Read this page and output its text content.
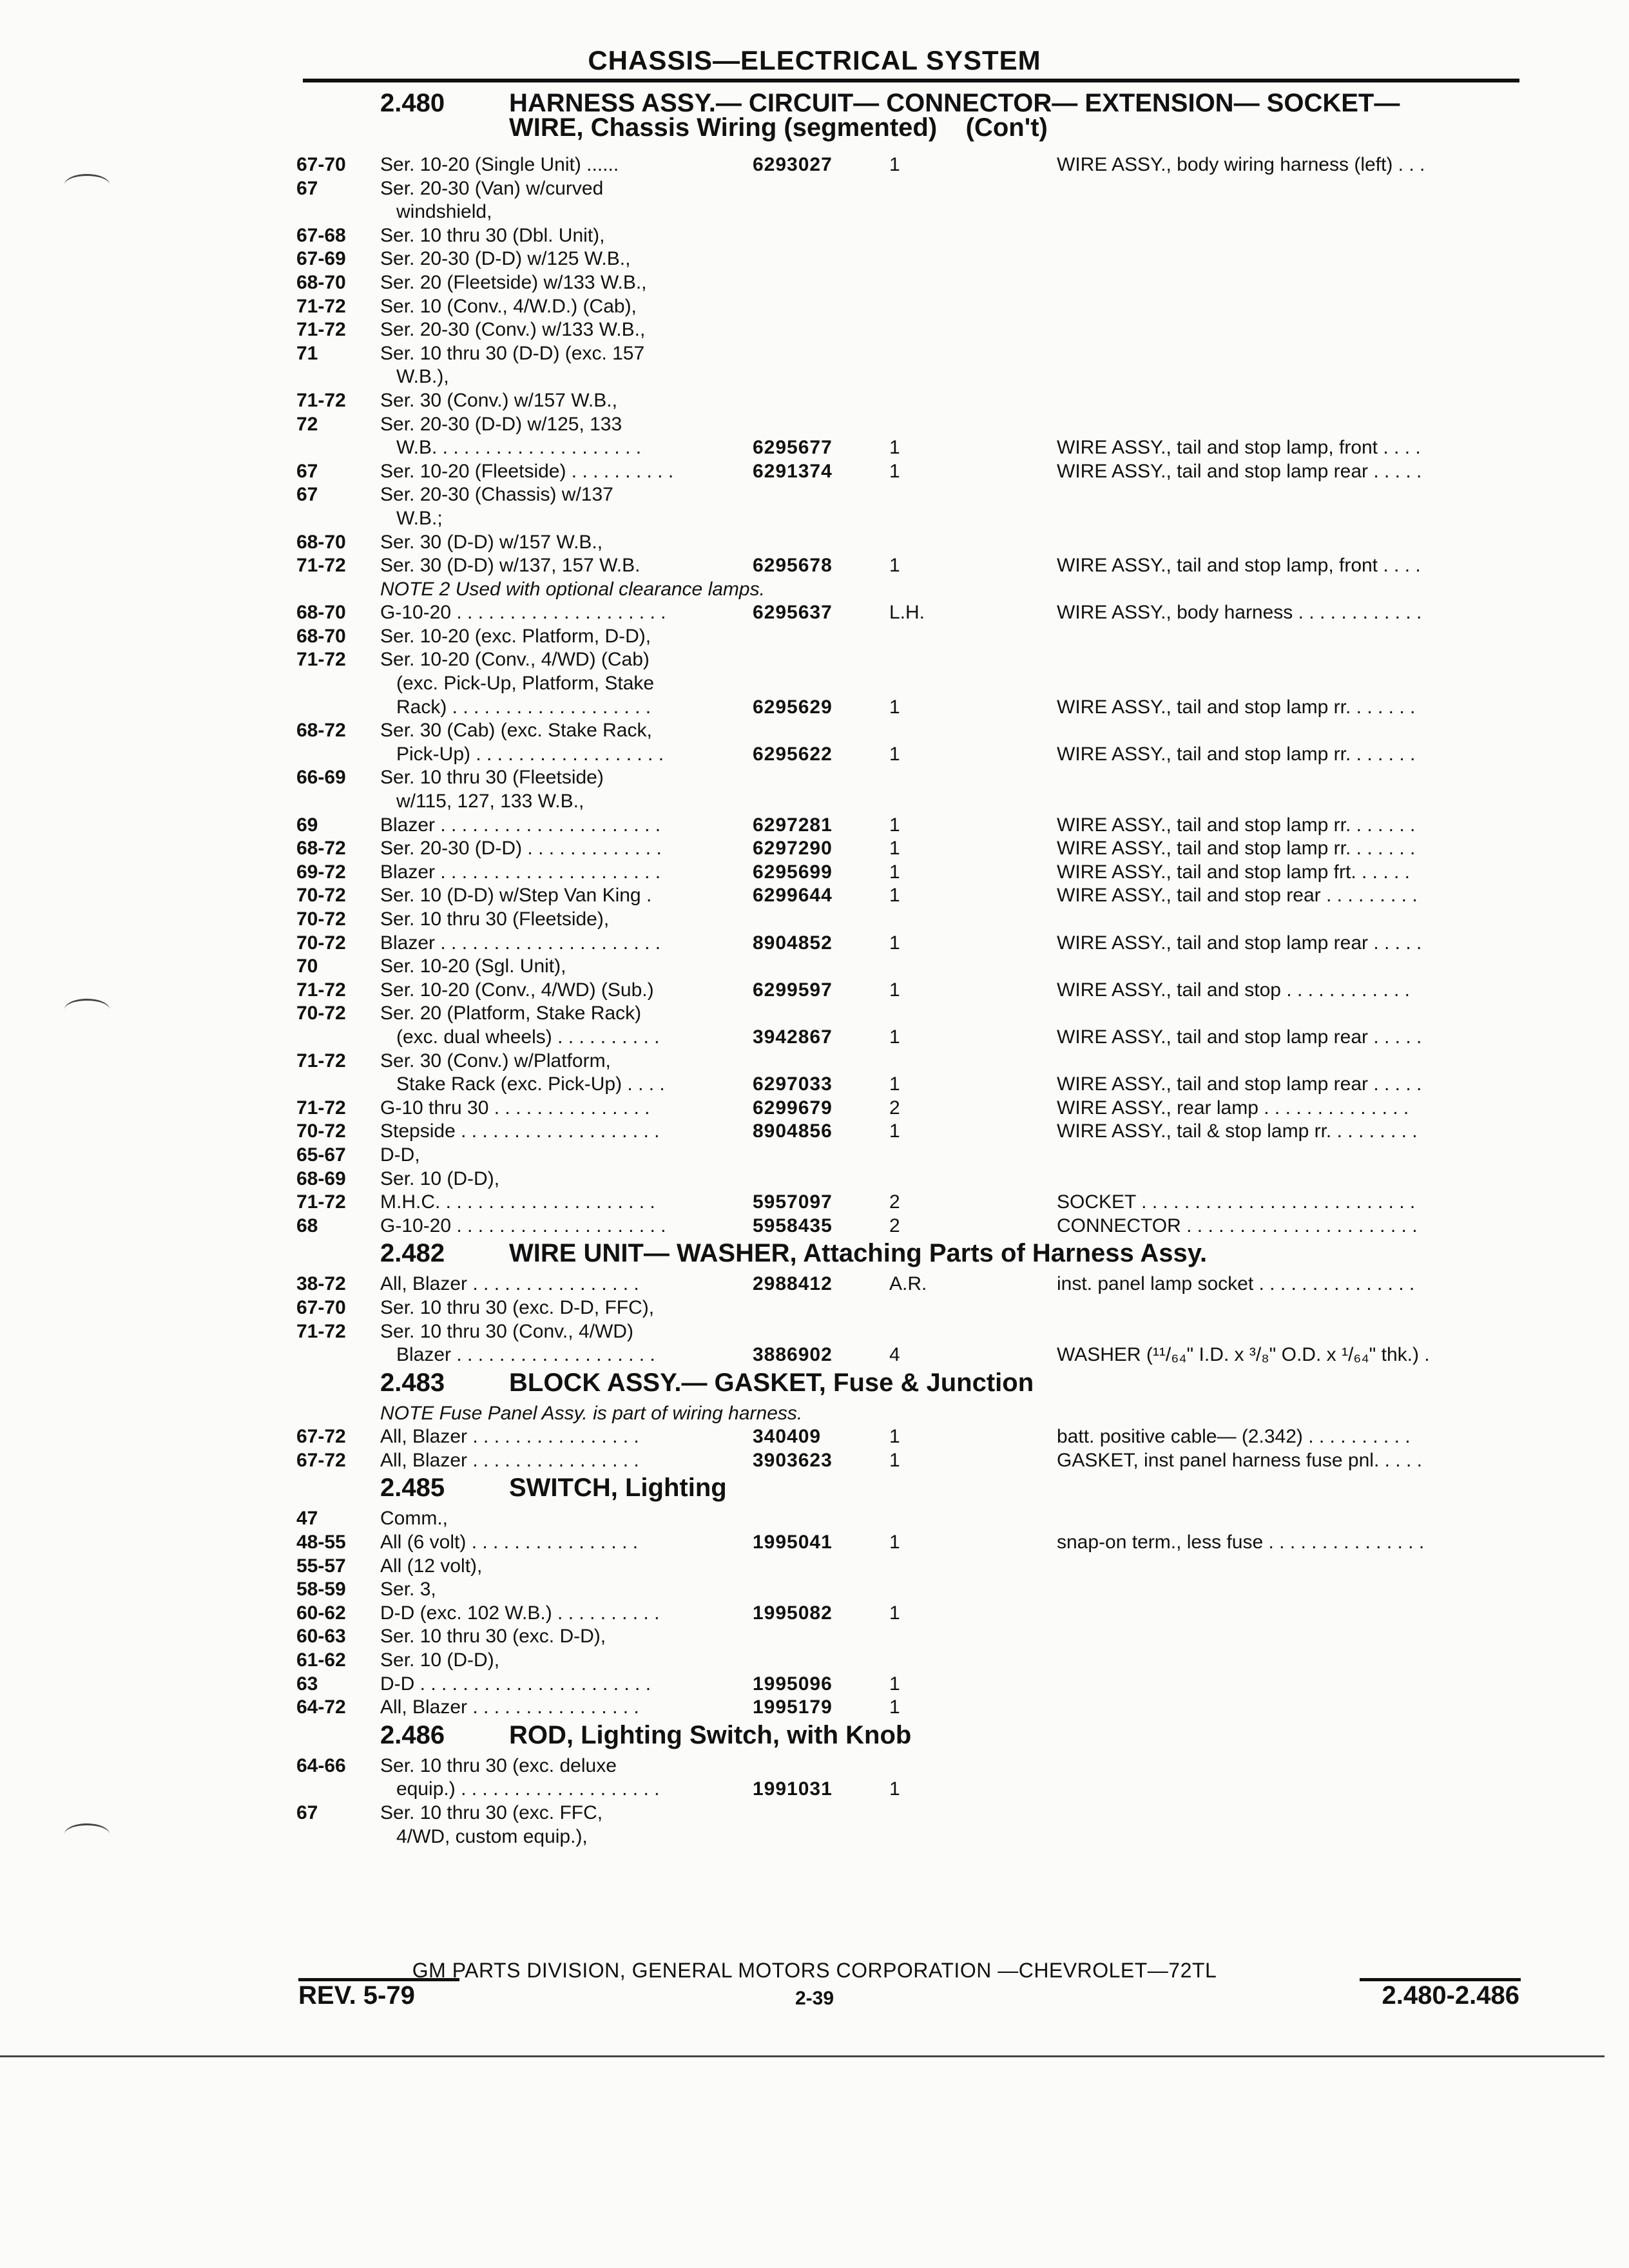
CHASSIS—ELECTRICAL SYSTEM
2.480 HARNESS ASSY.— CIRCUIT— CONNECTOR— EXTENSION— SOCKET—
WIRE, Chassis Wiring (segmented)    (Con't)
67-70	Ser. 10-20 (Single Unit) ......	6293027	1	WIRE ASSY., body wiring harness (left) . . .
67	Ser. 20-30 (Van) w/curved
windshield,
67-68	Ser. 10 thru 30 (Dbl. Unit),
67-69	Ser. 20-30 (D-D) w/125 W.B.,
68-70	Ser. 20 (Fleetside) w/133 W.B.,
71-72	Ser. 10 (Conv., 4/W.D.) (Cab),
71-72	Ser. 20-30 (Conv.) w/133 W.B.,
71	Ser. 10 thru 30 (D-D) (exc. 157
W.B.),
71-72	Ser. 30 (Conv.) w/157 W.B.,
72	Ser. 20-30 (D-D) w/125, 133
W.B. . . . . . . . . . . . . . . . . . . .	6295677	1	WIRE ASSY., tail and stop lamp, front . . . .
67	Ser. 10-20 (Fleetside) . . . . . . . . . .	6291374	1	WIRE ASSY., tail and stop lamp rear . . . . .
67	Ser. 20-30 (Chassis) w/137
W.B.;
68-70	Ser. 30 (D-D) w/157 W.B.,
71-72	Ser. 30 (D-D) w/137, 157 W.B.	6295678	1	WIRE ASSY., tail and stop lamp, front . . . .
NOTE 2 Used with optional clearance lamps.
68-70	G-10-20 . . . . . . . . . . . . . . . . . . . .	6295637	L.H.	WIRE ASSY., body harness . . . . . . . . . . . .
68-70	Ser. 10-20 (exc. Platform, D-D),
71-72	Ser. 10-20 (Conv., 4/WD) (Cab)
(exc. Pick-Up, Platform, Stake
Rack) . . . . . . . . . . . . . . . . . . .	6295629	1	WIRE ASSY., tail and stop lamp rr. . . . . . .
68-72	Ser. 30 (Cab) (exc. Stake Rack,
Pick-Up) . . . . . . . . . . . . . . . . . .	6295622	1	WIRE ASSY., tail and stop lamp rr. . . . . . .
66-69	Ser. 10 thru 30 (Fleetside)
w/115, 127, 133 W.B.,
69	Blazer . . . . . . . . . . . . . . . . . . . . .	6297281	1	WIRE ASSY., tail and stop lamp rr. . . . . . .
68-72	Ser. 20-30 (D-D) . . . . . . . . . . . . .	6297290	1	WIRE ASSY., tail and stop lamp rr. . . . . . .
69-72	Blazer . . . . . . . . . . . . . . . . . . . . .	6295699	1	WIRE ASSY., tail and stop lamp frt. . . . . .
70-72	Ser. 10 (D-D) w/Step Van King .	6299644	1	WIRE ASSY., tail and stop rear . . . . . . . . .
70-72	Ser. 10 thru 30 (Fleetside),
70-72	Blazer . . . . . . . . . . . . . . . . . . . . .	8904852	1	WIRE ASSY., tail and stop lamp rear . . . . .
70	Ser. 10-20 (Sgl. Unit),
71-72	Ser. 10-20 (Conv., 4/WD) (Sub.)	6299597	1	WIRE ASSY., tail and stop . . . . . . . . . . . .
70-72	Ser. 20 (Platform, Stake Rack)
(exc. dual wheels) . . . . . . . . . .	3942867	1	WIRE ASSY., tail and stop lamp rear . . . . .
71-72	Ser. 30 (Conv.) w/Platform,
Stake Rack (exc. Pick-Up) . . . .	6297033	1	WIRE ASSY., tail and stop lamp rear . . . . .
71-72	G-10 thru 30 . . . . . . . . . . . . . . .	6299679	2	WIRE ASSY., rear lamp . . . . . . . . . . . . . .
70-72	Stepside . . . . . . . . . . . . . . . . . . .	8904856	1	WIRE ASSY., tail & stop lamp rr. . . . . . . . .
65-67	D-D,
68-69	Ser. 10 (D-D),
71-72	M.H.C. . . . . . . . . . . . . . . . . . . . .	5957097	2	SOCKET . . . . . . . . . . . . . . . . . . . . . . . . . .
68	G-10-20 . . . . . . . . . . . . . . . . . . . .	5958435	2	CONNECTOR . . . . . . . . . . . . . . . . . . . . . .
2.482 WIRE UNIT— WASHER, Attaching Parts of Harness Assy.
38-72	All, Blazer . . . . . . . . . . . . . . . .	2988412	A.R.	inst. panel lamp socket . . . . . . . . . . . . . . .
67-70	Ser. 10 thru 30 (exc. D-D, FFC),
71-72	Ser. 10 thru 30 (Conv., 4/WD)
Blazer . . . . . . . . . . . . . . . . . . .	3886902	4	WASHER (¹¹/₆₄" I.D. x ³/₈" O.D. x ¹/₆₄" thk.) .
2.483 BLOCK ASSY.— GASKET, Fuse & Junction
NOTE Fuse Panel Assy. is part of wiring harness.
67-72	All, Blazer . . . . . . . . . . . . . . . .	340409	1	batt. positive cable— (2.342) . . . . . . . . . .
67-72	All, Blazer . . . . . . . . . . . . . . . .	3903623	1	GASKET, inst panel harness fuse pnl. . . . .
2.485 SWITCH, Lighting
47	Comm.,
48-55	All (6 volt) . . . . . . . . . . . . . . . .	1995041	1	snap-on term., less fuse . . . . . . . . . . . . . . .
55-57	All (12 volt),
58-59	Ser. 3,
60-62	D-D (exc. 102 W.B.) . . . . . . . . . .	1995082	1
60-63	Ser. 10 thru 30 (exc. D-D),
61-62	Ser. 10 (D-D),
63	D-D . . . . . . . . . . . . . . . . . . . . . .	1995096	1
64-72	All, Blazer . . . . . . . . . . . . . . . .	1995179	1
2.486 ROD, Lighting Switch, with Knob
64-66	Ser. 10 thru 30 (exc. deluxe
equip.) . . . . . . . . . . . . . . . . . . .	1991031	1
67	Ser. 10 thru 30 (exc. FFC,
4/WD, custom equip.),
GM PARTS DIVISION, GENERAL MOTORS CORPORATION —CHEVROLET—72TL
REV. 5-79	2-39	2.480-2.486
